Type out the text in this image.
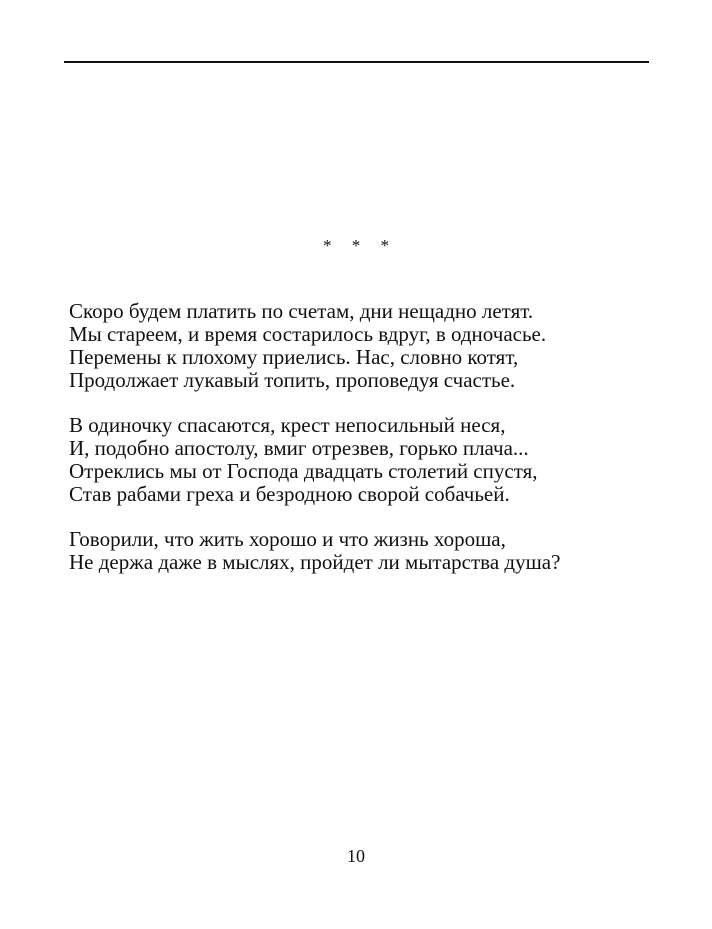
* * *
Скоро будем платить по счетам, дни нещадно летят.
Мы стареем, и время состарилось вдруг, в одночасье.
Перемены к плохому приелись. Нас, словно котят,
Продолжает лукавый топить, проповедуя счастье.
В одиночку спасаются, крест непосильный неся,
И, подобно апостолу, вмиг отрезвев, горько плача...
Отреклись мы от Господа двадцать столетий спустя,
Став рабами греха и безродною сворой собачьей.
Говорили, что жить хорошо и что жизнь хороша,
Не держа даже в мыслях, пройдет ли мытарства душа?
10
